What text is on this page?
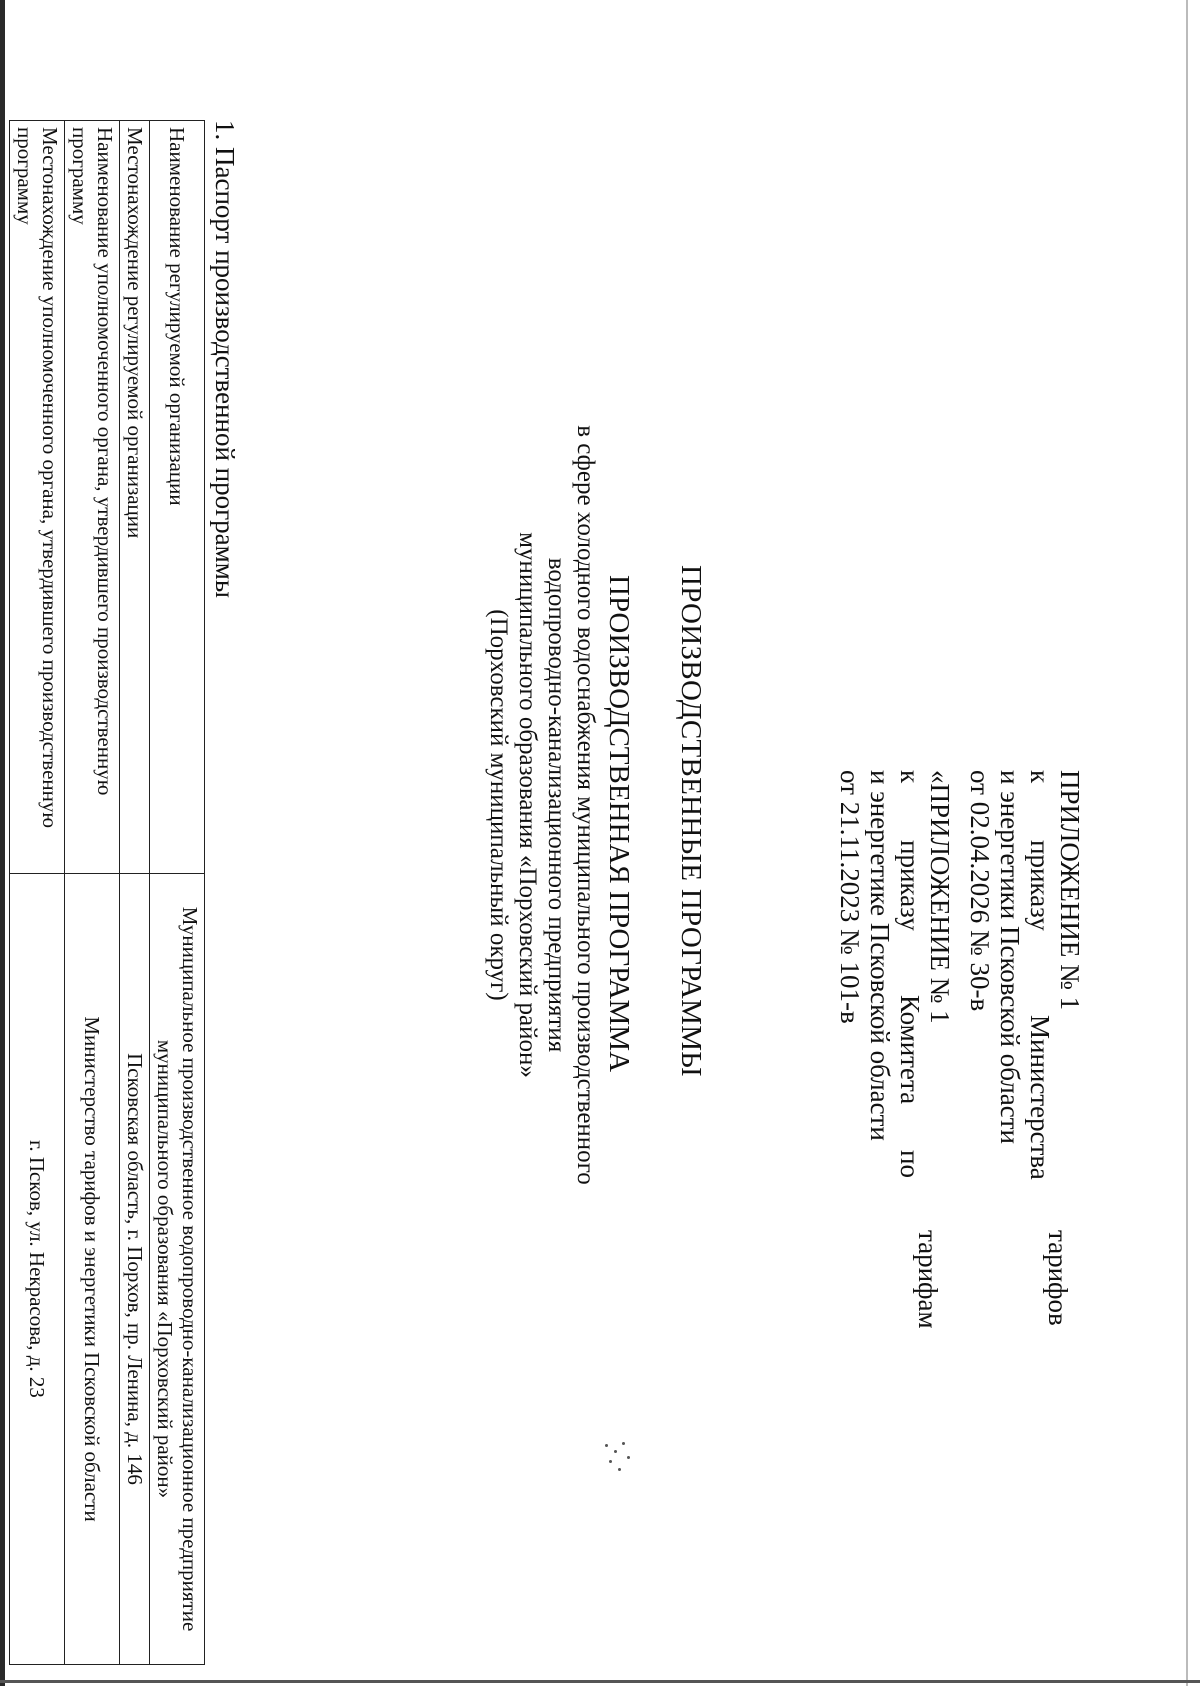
ПРИЛОЖЕНИЕ № 1
к
приказу
Министерства
тарифов
и энергетики Псковской области
от 02.04.2026 № 30-в
«ПРИЛОЖЕНИЕ № 1
к
приказу
Комитета
по
тарифам
и энергетике Псковской области
от 21.11.2023 № 101-в
ПРОИЗВОДСТВЕННЫЕ ПРОГРАММЫ
ПРОИЗВОДСТВЕННАЯ ПРОГРАММА
в сфере холодного водоснабжения муниципального производственного
водопроводно-канализационного предприятия
муниципального образования «Порховский район»
(Порховский муниципальный округ)
1. Паспорт производственной программы
Наименование регулируемой организации	Муниципальное производственное водопроводно-канализационное предприятие муниципального образования «Порховский район»
Местонахождение регулируемой организации	Псковская область, г. Порхов, пр. Ленина, д. 146
Наименование уполномоченного органа, утвердившего производственную программу	Министерство тарифов и энергетики Псковской области
Местонахождение уполномоченного органа, утвердившего производственную программу	г. Псков, ул. Некрасова, д. 23
